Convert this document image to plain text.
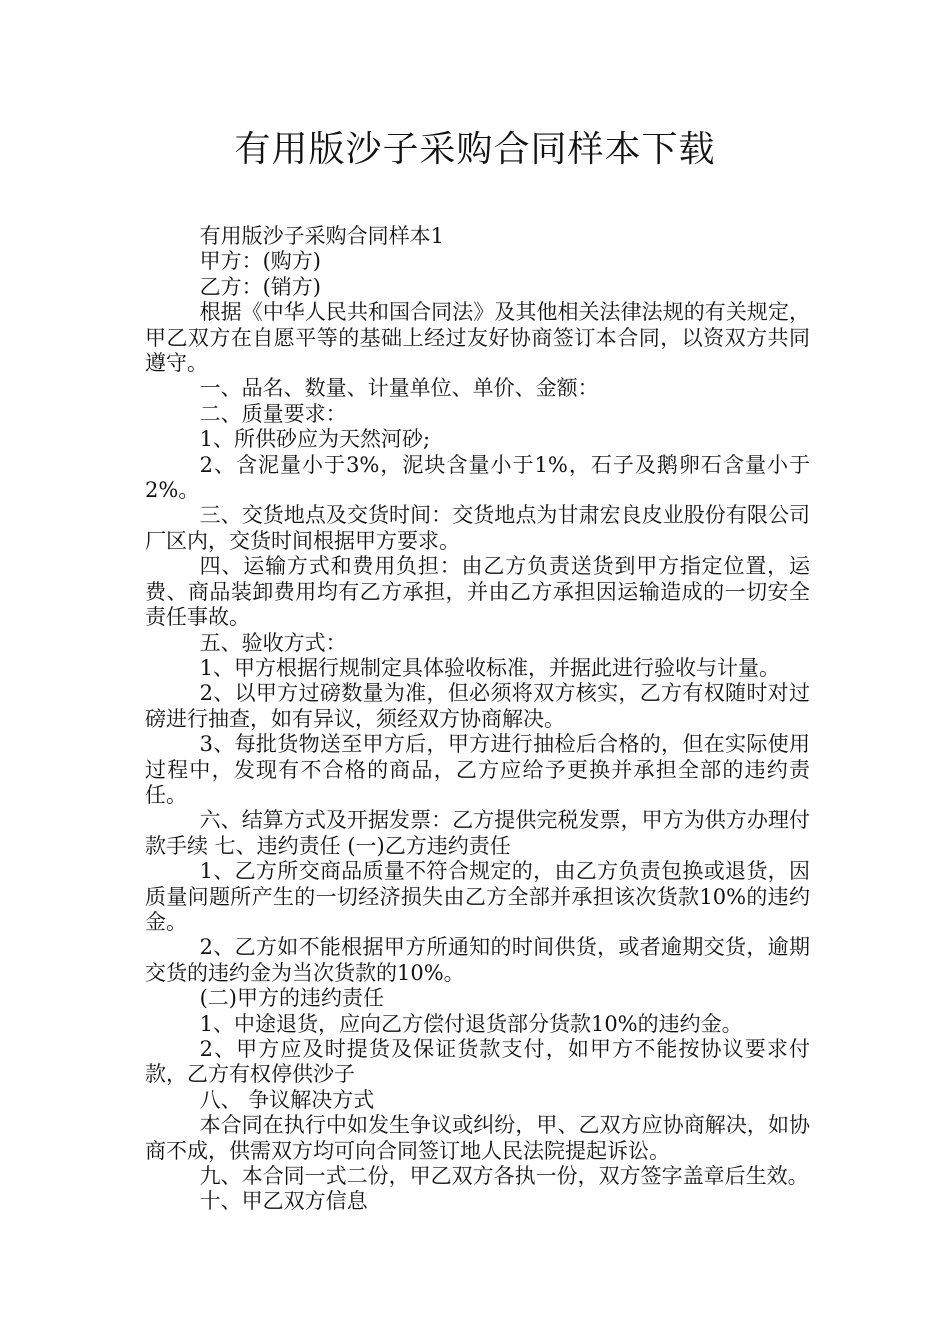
有用版沙子采购合同样本下载

有用版沙子采购合同样本1

甲方：(购方)

乙方：(销方)

根据《中华人民共和国合同法》及其他相关法律法规的有关规定，甲乙双方在自愿平等的基础上经过友好协商签订本合同，以资双方共同遵守。

一、品名、数量、计量单位、单价、金额：

二、质量要求：

1、所供砂应为天然河砂;

2、含泥量小于3%，泥块含量小于1%，石子及鹅卵石含量小于2%。

三、交货地点及交货时间：交货地点为甘肃宏良皮业股份有限公司厂区内，交货时间根据甲方要求。

四、运输方式和费用负担：由乙方负责送货到甲方指定位置，运费、商品装卸费用均有乙方承担，并由乙方承担因运输造成的一切安全责任事故。

五、验收方式：

1、甲方根据行规制定具体验收标准，并据此进行验收与计量。

2、以甲方过磅数量为准，但必须将双方核实，乙方有权随时对过磅进行抽查，如有异议，须经双方协商解决。

3、每批货物送至甲方后，甲方进行抽检后合格的，但在实际使用过程中，发现有不合格的商品，乙方应给予更换并承担全部的违约责任。

六、结算方式及开据发票：乙方提供完税发票，甲方为供方办理付款手续 七、违约责任 (一)乙方违约责任

1、乙方所交商品质量不符合规定的，由乙方负责包换或退货，因质量问题所产生的一切经济损失由乙方全部并承担该次货款10%的违约金。

2、乙方如不能根据甲方所通知的时间供货，或者逾期交货，逾期交货的违约金为当次货款的10%。

(二)甲方的违约责任

1、中途退货，应向乙方偿付退货部分货款10%的违约金。

2、甲方应及时提货及保证货款支付，如甲方不能按协议要求付款，乙方有权停供沙子

八、 争议解决方式

本合同在执行中如发生争议或纠纷，甲、乙双方应协商解决，如协商不成，供需双方均可向合同签订地人民法院提起诉讼。

九、本合同一式二份，甲乙双方各执一份，双方签字盖章后生效。

十、甲乙双方信息
